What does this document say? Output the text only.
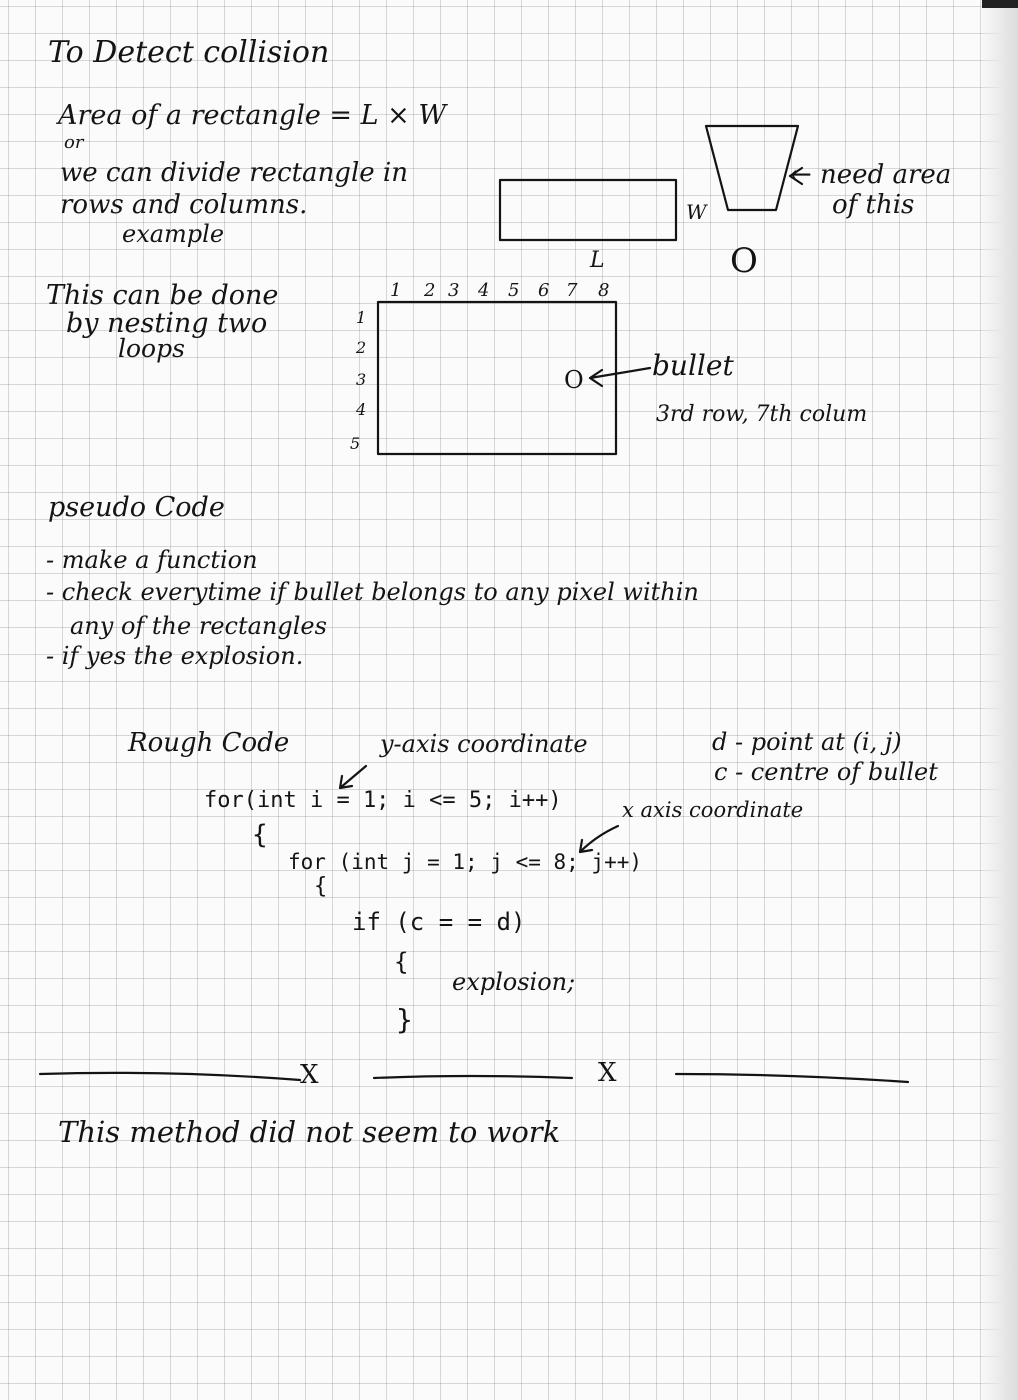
To Detect collision
Area of a rectangle = L × W
or
we can divide rectangle in
rows and columns.
example
W
L
← need area
of this
O
This can be done
by nesting two
loops
1 2 3 4 5 6 7 8
1
2
3
4
5
O bullet
3rd row, 7th colum
pseudo Code
- make a function
- check everytime if bullet belongs to any pixel within
any of the rectangles
- if yes the explosion.
Rough Code	y-axis coordinate	d - point at (i, j)
c - centre of bullet
x axis coordinate
for(int i = 1; i <= 5; i++)
{
for (int j = 1; j <= 8; j++)
{
if (c = = d)
{
explosion;
}
X	X
This method did not seem to work
